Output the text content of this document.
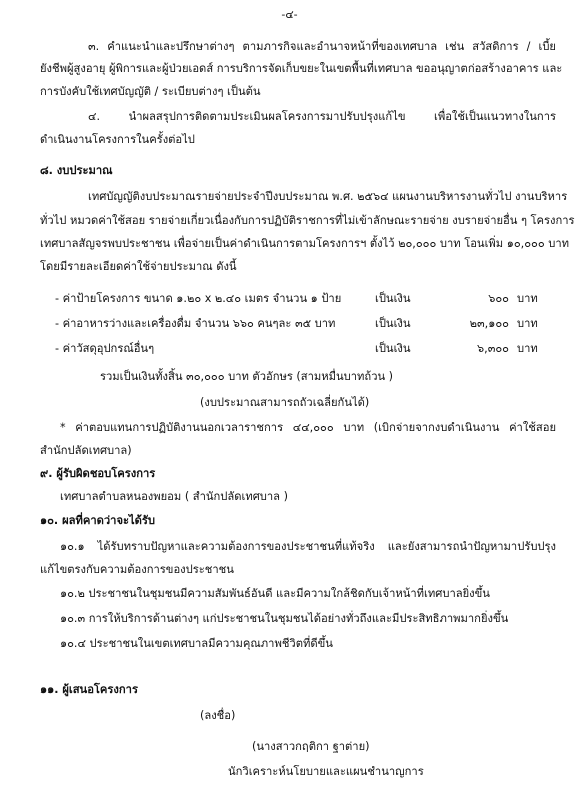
-๔-
๓. คำแนะนำและปรึกษาต่างๆ ตามภารกิจและอำนาจหน้าที่ของเทศบาล เช่น สวัสดิการ / เบี้ย
ยังชีพผู้สูงอายุ ผู้พิการและผู้ป่วยเอดส์ การบริการจัดเก็บขยะในเขตพื้นที่เทศบาล ขออนุญาตก่อสร้างอาคาร และ
การบังคับใช้เทศบัญญัติ / ระเบียบต่างๆ เป็นต้น
๔. นำผลสรุปการติดตามประเมินผลโครงการมาปรับปรุงแก้ไข เพื่อใช้เป็นแนวทางในการ
ดำเนินงานโครงการในครั้งต่อไป
๘. งบประมาณ
เทศบัญญัติงบประมาณรายจ่ายประจำปีงบประมาณ พ.ศ. ๒๕๖๔ แผนงานบริหารงานทั่วไป งานบริหาร
ทั่วไป หมวดค่าใช้สอย รายจ่ายเกี่ยวเนื่องกับการปฏิบัติราชการที่ไม่เข้าลักษณะรายจ่าย งบรายจ่ายอื่น ๆ โครงการ
เทศบาลสัญจรพบประชาชน เพื่อจ่ายเป็นค่าดำเนินการตามโครงการฯ ตั้งไว้ ๒๐,๐๐๐ บาท โอนเพิ่ม ๑๐,๐๐๐ บาท
โดยมีรายละเอียดค่าใช้จ่ายประมาณ ดังนี้
- ค่าป้ายโครงการ ขนาด ๑.๒๐ x ๒.๔๐ เมตร จำนวน ๑ ป้าย	เป็นเงิน	๖๐๐ บาท
- ค่าอาหารว่างและเครื่องดื่ม จำนวน ๖๖๐ คนๆละ ๓๕ บาท	เป็นเงิน	๒๓,๑๐๐ บาท
- ค่าวัสดุอุปกรณ์อื่นๆ	เป็นเงิน	๖,๓๐๐ บาท
รวมเป็นเงินทั้งสิ้น ๓๐,๐๐๐ บาท ตัวอักษร (สามหมื่นบาทถ้วน )
(งบประมาณสามารถถัวเฉลี่ยกันได้)
* ค่าตอบแทนการปฏิบัติงานนอกเวลาราชการ ๔๔,๐๐๐ บาท (เบิกจ่ายจากงบดำเนินงาน ค่าใช้สอย
สำนักปลัดเทศบาล)
๙. ผู้รับผิดชอบโครงการ
เทศบาลตำบลหนองพยอม ( สำนักปลัดเทศบาล )
๑๐. ผลที่คาดว่าจะได้รับ
๑๐.๑ ได้รับทราบปัญหาและความต้องการของประชาชนที่แท้จริง และยังสามารถนำปัญหามาปรับปรุง
แก้ไขตรงกับความต้องการของประชาชน
๑๐.๒ ประชาชนในชุมชนมีความสัมพันธ์อันดี และมีความใกล้ชิดกับเจ้าหน้าที่เทศบาลยิ่งขึ้น
๑๐.๓ การให้บริการด้านต่างๆ แก่ประชาชนในชุมชนได้อย่างทั่วถึงและมีประสิทธิภาพมากยิ่งขึ้น
๑๐.๔ ประชาชนในเขตเทศบาลมีความคุณภาพชีวิตที่ดีขึ้น
๑๑. ผู้เสนอโครงการ
(ลงชื่อ)
(นางสาวกฤติกา ฐาต่าย)
นักวิเคราะห์นโยบายและแผนชำนาญการ
